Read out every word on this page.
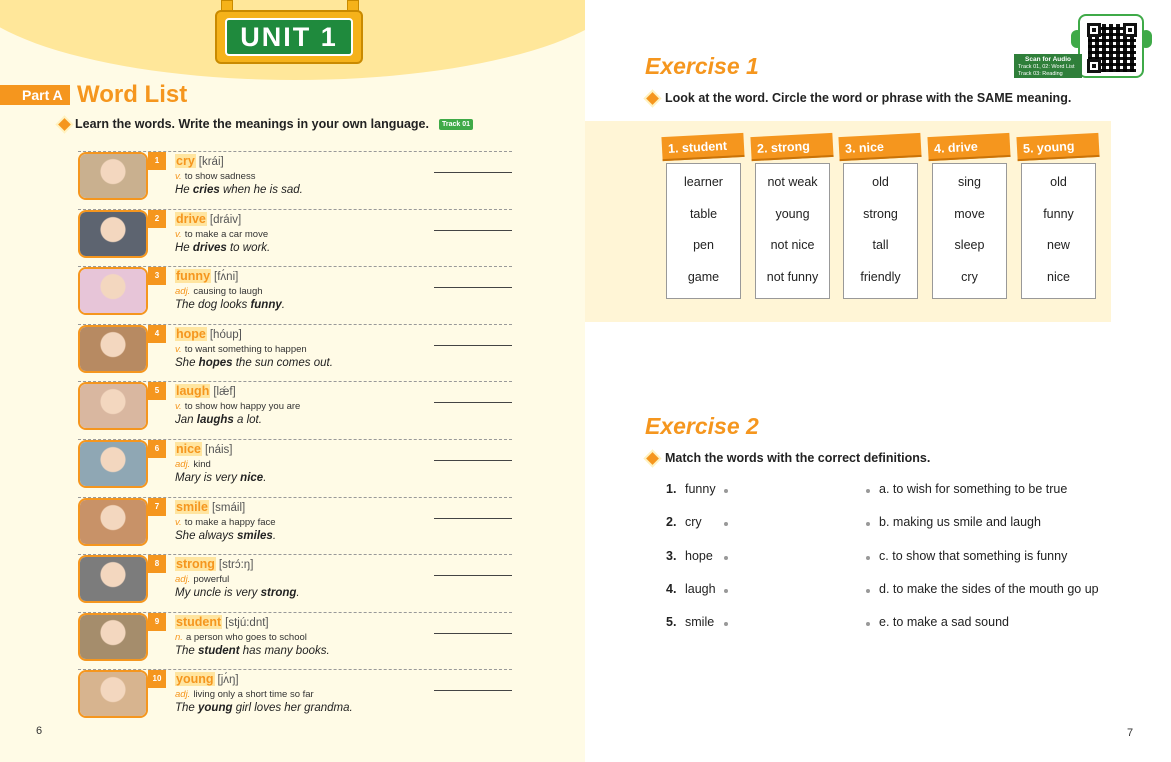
UNIT 1
Part A Word List
Learn the words. Write the meanings in your own language.	Track 01
1	cry [krái]
v. to show sadness
He cries when he is sad.
2	drive [dráiv]
v. to make a car move
He drives to work.
3	funny [fʌ́ni]
adj. causing to laugh
The dog looks funny.
4	hope [hóup]
v. to want something to happen
She hopes the sun comes out.
5	laugh [lǽf]
v. to show how happy you are
Jan laughs a lot.
6	nice [náis]
adj. kind
Mary is very nice.
7	smile [smáil]
v. to make a happy face
She always smiles.
8	strong [strɔ́:ŋ]
adj. powerful
My uncle is very strong.
9	student [stjú:dnt]
n. a person who goes to school
The student has many books.
10	young [jʌ́ŋ]
adj. living only a short time so far
The young girl loves her grandma.
6
Exercise 1
Look at the word. Circle the word or phrase with the SAME meaning.
Scan for Audio
Track 01, 02: Word List
Track 03: Reading Practice
1. student
learner
table
pen
game
2. strong
not weak
young
not nice
not funny
3. nice
old
strong
tall
friendly
4. drive
sing
move
sleep
cry
5. young
old
funny
new
nice
Exercise 2
Match the words with the correct definitions.
1. funny	a. to wish for something to be true
2. cry	b. making us smile and laugh
3. hope	c. to show that something is funny
4. laugh	d. to make the sides of the mouth go up
5. smile	e. to make a sad sound
7
